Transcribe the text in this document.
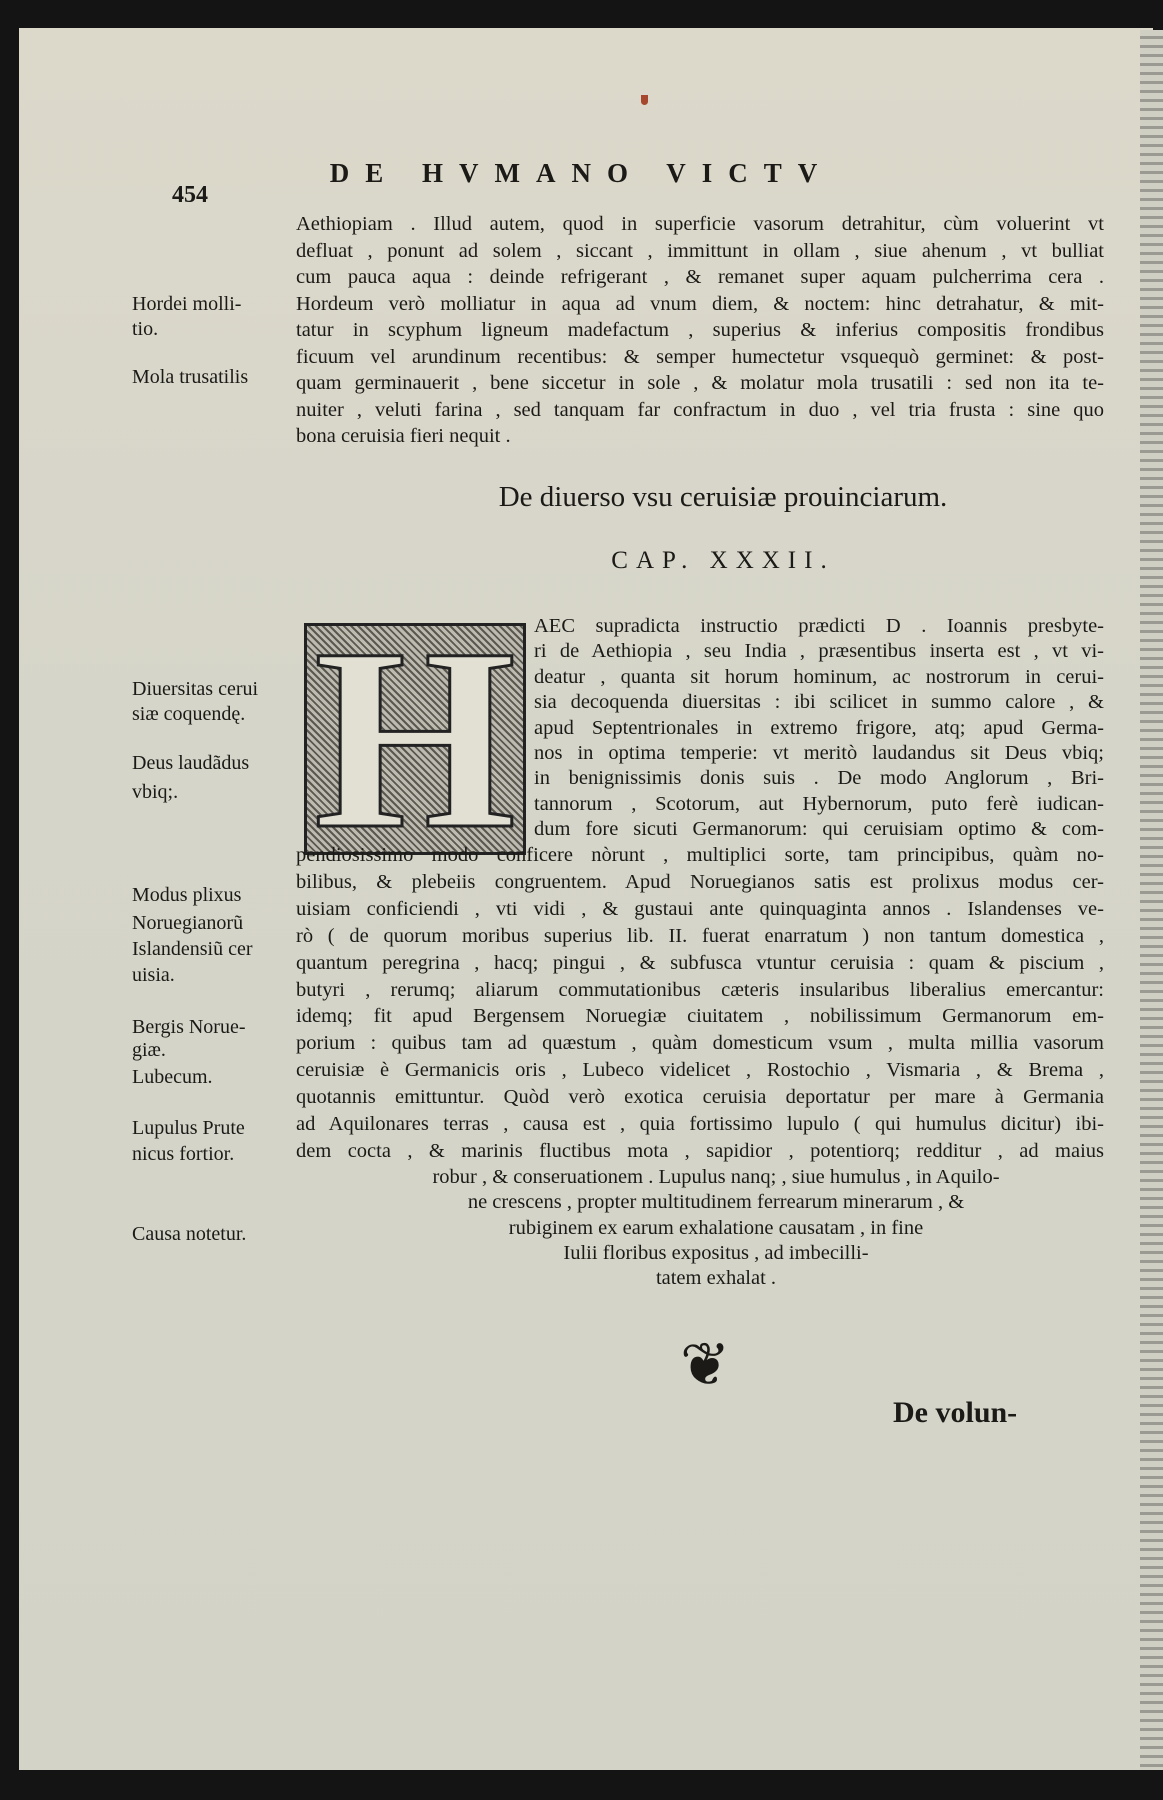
DE HVMANO VICTV
454
Aethiopiam . Illud autem, quod in superficie vasorum detrahitur, cùm voluerint vt
defluat , ponunt ad solem , siccant , immittunt in ollam , siue ahenum , vt bulliat
cum pauca aqua : deinde refrigerant , & remanet super aquam pulcherrima cera .
Hordeum verò molliatur in aqua ad vnum diem, & noctem: hinc detrahatur, & mit-
tatur in scyphum ligneum madefactum , superius & inferius compositis frondibus
ficuum vel arundinum recentibus: & semper humectetur vsquequò germinet: & post-
quam germinauerit , bene siccetur in sole , & molatur mola trusatili : sed non ita te-
nuiter , veluti farina , sed tanquam far confractum in duo , vel tria frusta : sine quo
bona ceruisia fieri nequit .
De diuerso vsu ceruisiæ prouinciarum.
CAP. XXXII.
H AEC supradicta instructio prædicti D . Ioannis presbyte-
ri de Aethiopia , seu India , præsentibus inserta est , vt vi-
deatur , quanta sit horum hominum, ac nostrorum in cerui-
sia decoquenda diuersitas : ibi scilicet in summo calore , &
apud Septentrionales in extremo frigore, atq; apud Germa-
nos in optima temperie: vt meritò laudandus sit Deus vbiq;
in benignissimis donis suis . De modo Anglorum , Bri-
tannorum , Scotorum, aut Hybernorum, puto ferè iudican-
dum fore sicuti Germanorum: qui ceruisiam optimo & com-
pendiosissimo modo conficere nòrunt , multiplici sorte, tam principibus, quàm no-
bilibus, & plebeiis congruentem. Apud Noruegianos satis est prolixus modus cer-
uisiam conficiendi , vti vidi , & gustaui ante quinquaginta annos . Islandenses ve-
rò ( de quorum moribus superius lib. II. fuerat enarratum ) non tantum domestica ,
quantum peregrina , hacq; pingui , & subfusca vtuntur ceruisia : quam & piscium ,
butyri , rerumq; aliarum commutationibus cæteris insularibus liberalius emercantur:
idemq; fit apud Bergensem Noruegiæ ciuitatem , nobilissimum Germanorum em-
porium : quibus tam ad quæstum , quàm domesticum vsum , multa millia vasorum
ceruisiæ è Germanicis oris , Lubeco videlicet , Rostochio , Vismaria , & Brema ,
quotannis emittuntur. Quòd verò exotica ceruisia deportatur per mare à Germania
ad Aquilonares terras , causa est , quia fortissimo lupulo ( qui humulus dicitur) ibi-
dem cocta , & marinis fluctibus mota , sapidior , potentiorq; redditur , ad maius
robur , & conseruationem . Lupulus nanq; , siue humulus , in Aquilo-
ne crescens , propter multitudinem ferrearum minerarum , &
rubiginem ex earum exhalatione causatam , in fine
Iulii floribus expositus , ad imbecilli-
tatem exhalat .
Hordei molli-
tio.
Mola trusatilis
Diuersitas cerui
siæ coquendę.
Deus laudãdus
vbiq;.
Modus plixus
Noruegianorũ
Islandensiũ cer
uisia.
Bergis Norue-
giæ.
Lubecum.
Lupulus Prute
nicus fortior.
Causa notetur.
❦
De volun-
